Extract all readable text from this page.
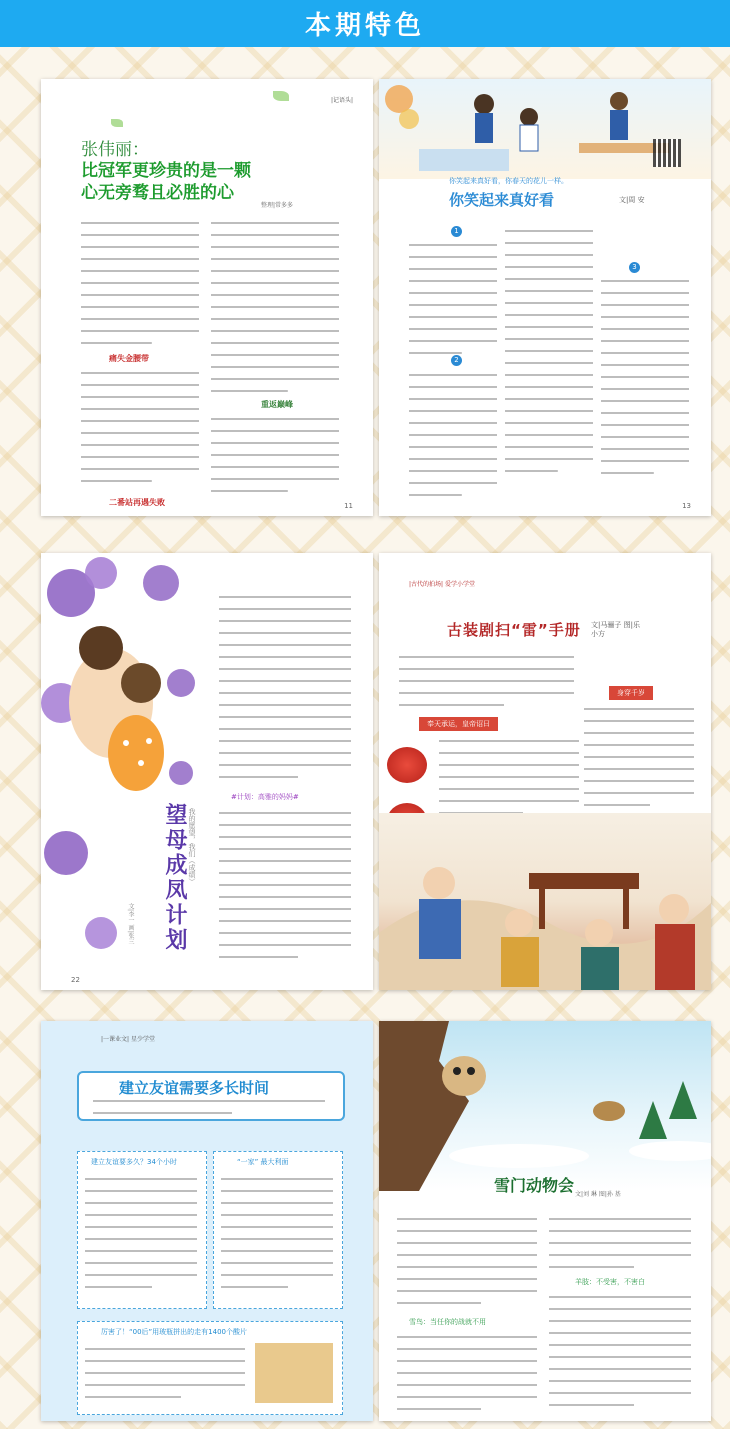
本期特色
|记语头|
张伟丽：
比冠军更珍贵的是一颗
心无旁骛且必胜的心
整理|常多多
痛失金腰带
二番站再遇失败
重返巅峰
11
你笑起来真好看，你春天的花儿一样。
你笑起来真好看	文|周 安
1
2
3
13
望母成凤计划 我的愿望，我们（成绩）
文|李一 画|张三
#计划：高雅的妈妈#
22
|古代的拍场| 爱学小学堂
古装剧扫“雷”手册 文|马骊子 图|乐小方
奉天承运，皇帝诏曰
身穿千岁
|一课业文| 星少学堂
建立友谊需要多长时间
建立友谊要多久？34个小时	“一家” 最大利面
厉害了！“00后”用玻瓶拼出的走有1400个酸片
雪门动物会 文|刘 琳 图|孙 基
雪鸟：当任你的战就不用
羊肢：不受害，不害白
